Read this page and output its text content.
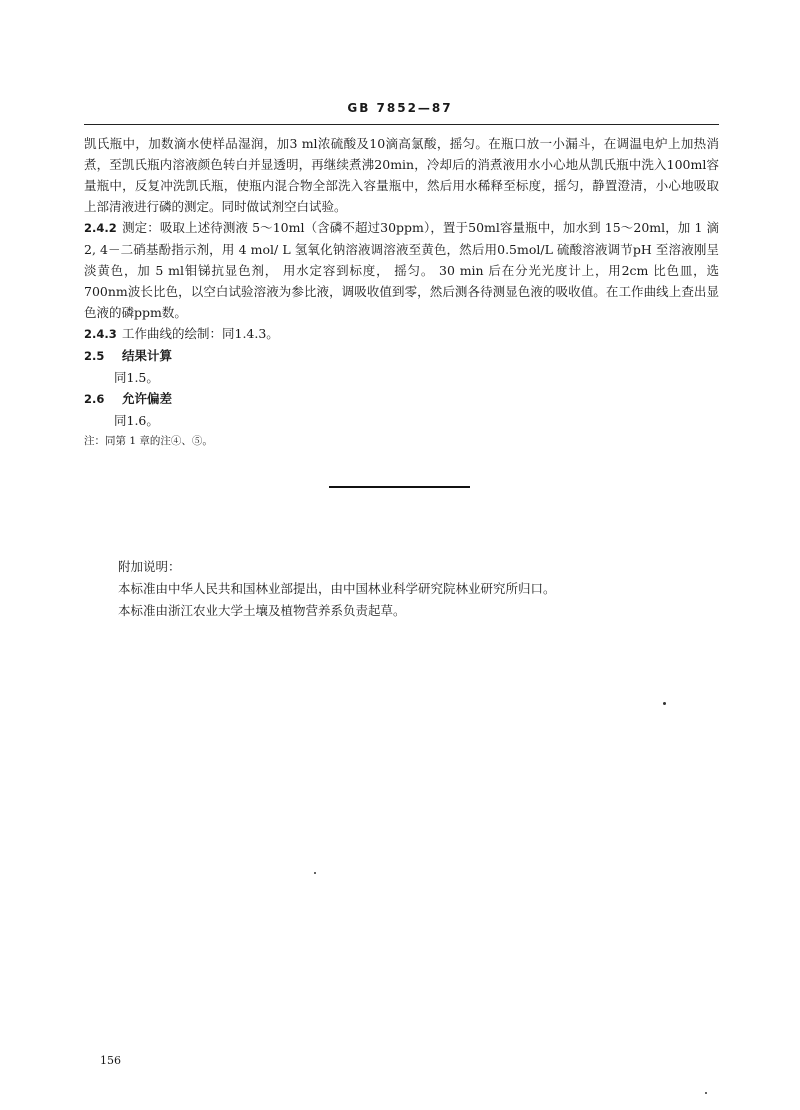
GB 7852—87

凯氏瓶中，加数滴水使样品湿润，加3 ml浓硫酸及10滴高氯酸，摇匀。在瓶口放一小漏斗，在调温电炉上加热消煮，至凯氏瓶内溶液颜色转白并显透明，再继续煮沸20min，冷却后的消煮液用水小心地从凯氏瓶中洗入100ml容量瓶中，反复冲洗凯氏瓶，使瓶内混合物全部洗入容量瓶中，然后用水稀释至标度，摇匀，静置澄清，小心地吸取上部清液进行磷的测定。同时做试剂空白试验。

2.4.2 测定：吸取上述待测液 5～10ml（含磷不超过30ppm），置于50ml容量瓶中，加水到 15～20ml，加 1 滴2, 4－二硝基酚指示剂，用 4 mol/ L 氢氧化钠溶液调溶液至黄色，然后用0.5mol/L 硫酸溶液调节pH 至溶液刚呈淡黄色，加 5 ml钼锑抗显色剂， 用水定容到标度， 摇匀。 30 min 后在分光光度计上，用2cm 比色皿，选700nm波长比色，以空白试验溶液为参比液，调吸收值到零，然后测各待测显色液的吸收值。在工作曲线上查出显色液的磷ppm数。

2.4.3 工作曲线的绘制：同1.4.3。

2.5 结果计算

同1.5。

2.6 允许偏差

同1.6。

注：同第 1 章的注④、⑤。

附加说明：

本标准由中华人民共和国林业部提出，由中国林业科学研究院林业研究所归口。

本标准由浙江农业大学土壤及植物营养系负责起草。

156
